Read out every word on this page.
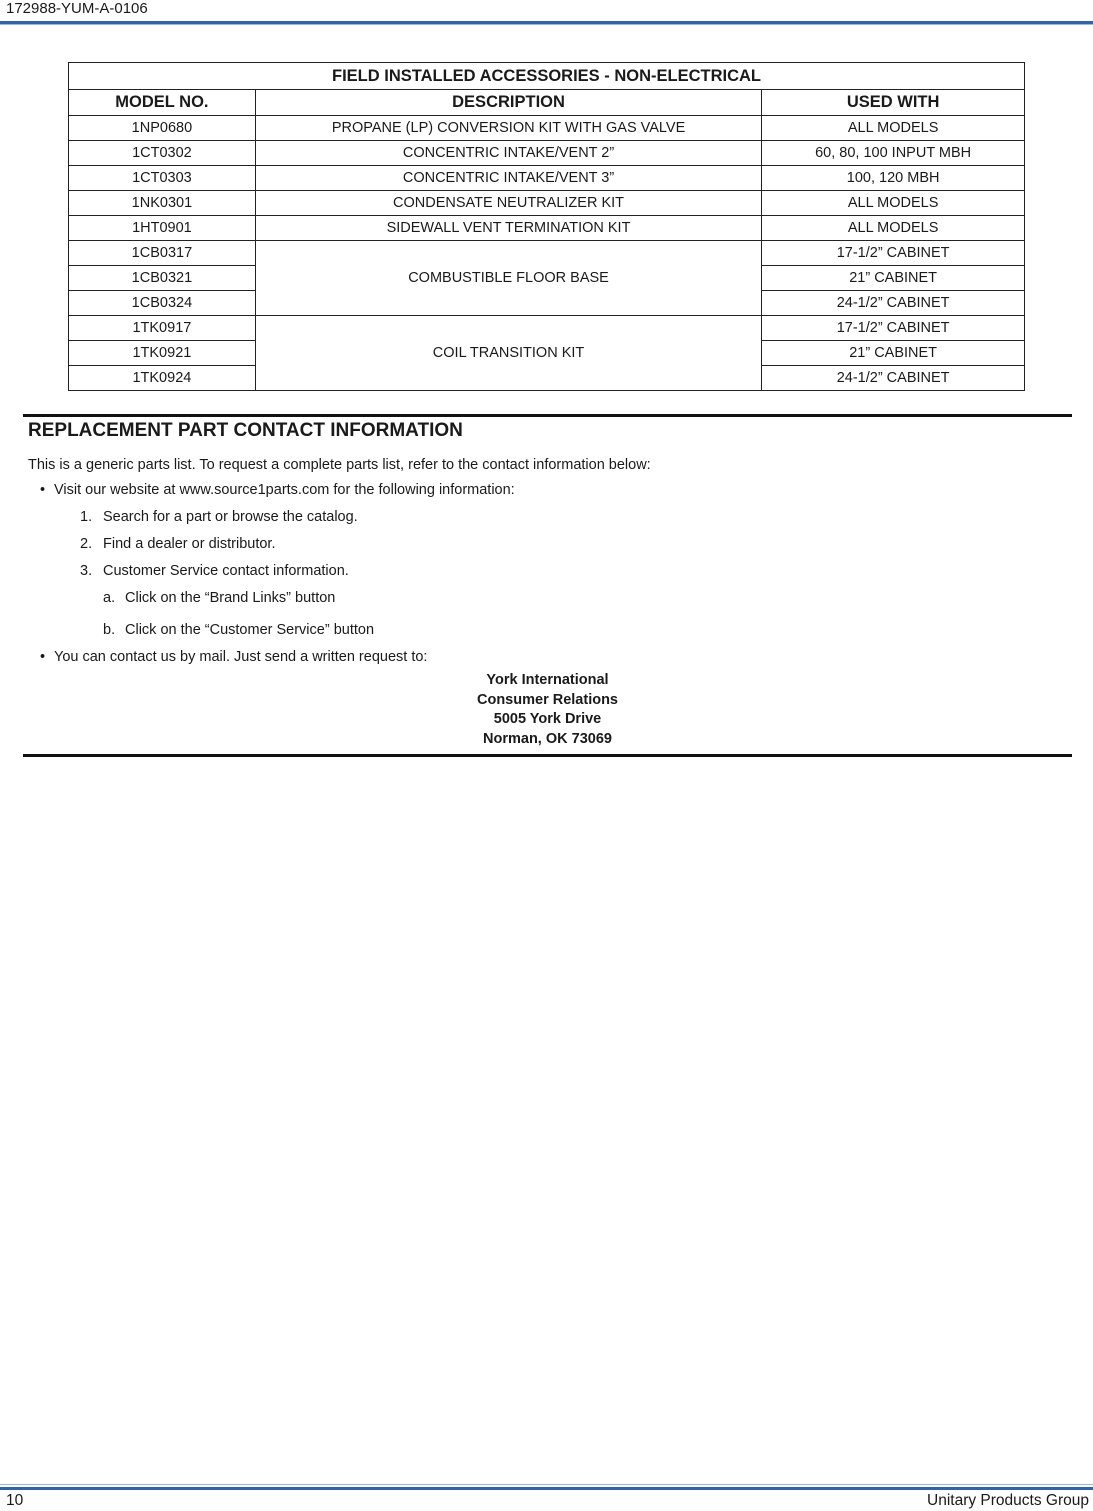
172988-YUM-A-0106
FIELD INSTALLED ACCESSORIES - NON-ELECTRICAL		
MODEL NO.	DESCRIPTION	USED WITH
1NP0680	PROPANE (LP) CONVERSION KIT WITH GAS VALVE	ALL MODELS
1CT0302	CONCENTRIC INTAKE/VENT 2”	60, 80, 100 INPUT MBH
1CT0303	CONCENTRIC INTAKE/VENT 3”	100, 120 MBH
1NK0301	CONDENSATE NEUTRALIZER KIT	ALL MODELS
1HT0901	SIDEWALL VENT TERMINATION KIT	ALL MODELS
1CB0317	COMBUSTIBLE FLOOR BASE	17-1/2” CABINET
1CB0321		21” CABINET
1CB0324		24-1/2” CABINET
1TK0917	COIL TRANSITION KIT	17-1/2” CABINET
1TK0921		21” CABINET
1TK0924		24-1/2” CABINET
REPLACEMENT PART CONTACT INFORMATION
This is a generic parts list. To request a complete parts list, refer to the contact information below:
• Visit our website at www.source1parts.com for the following information:
1. Search for a part or browse the catalog.
2. Find a dealer or distributor.
3. Customer Service contact information.
a. Click on the “Brand Links” button
b. Click on the “Customer Service” button
• You can contact us by mail. Just send a written request to:
York International
Consumer Relations
5005 York Drive
Norman, OK 73069
10	Unitary Products Group
